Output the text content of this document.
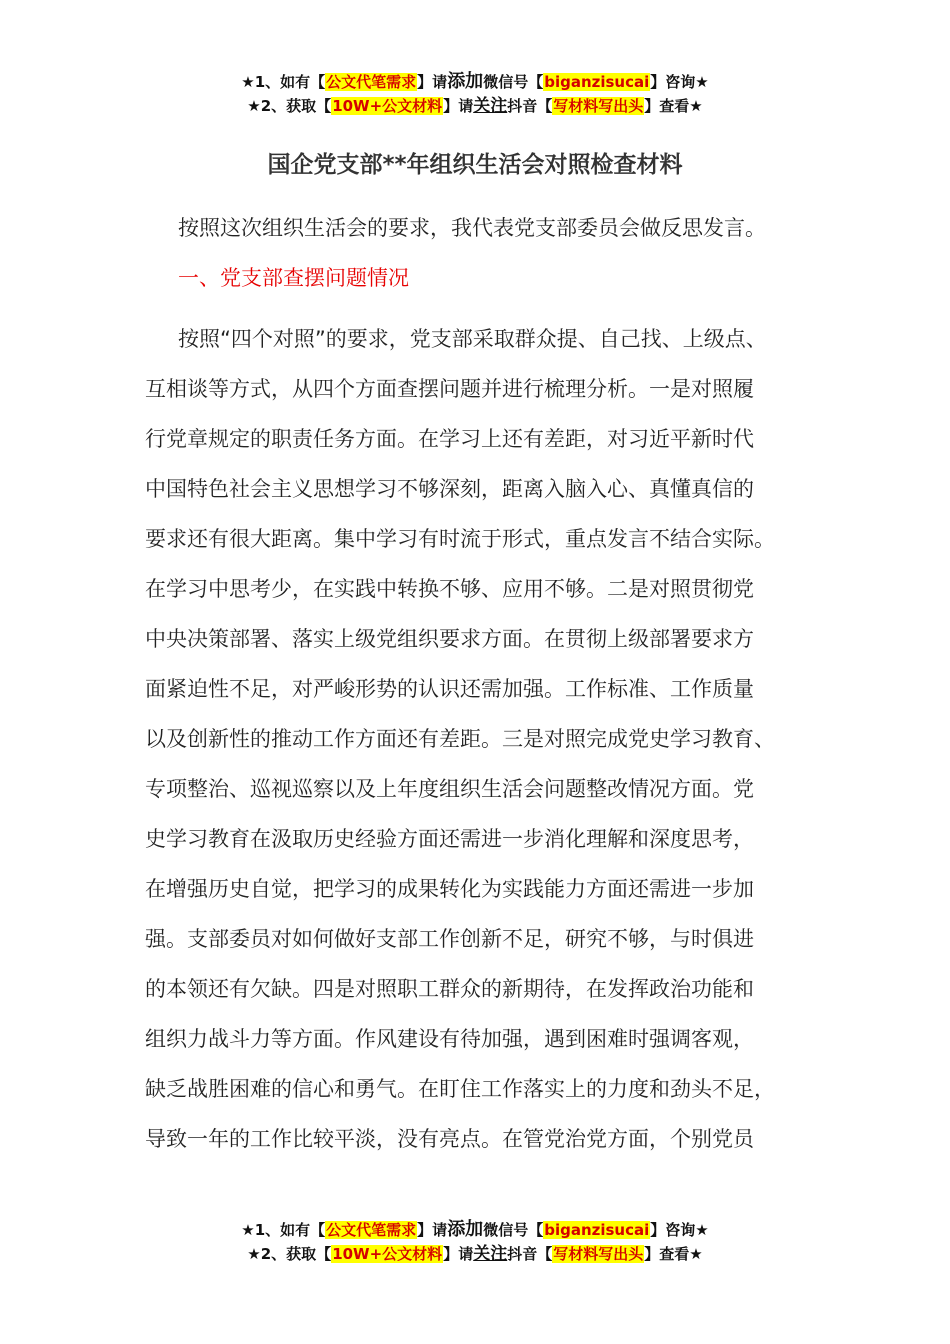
★1、如有【公文代笔需求】请添加微信号【biganzisucai】咨询★
★2、获取【10W+公文材料】请关注抖音【写材料写出头】查看★
国企党支部**年组织生活会对照检查材料
按照这次组织生活会的要求，我代表党支部委员会做反思发言。
一、党支部查摆问题情况
按照“四个对照”的要求，党支部采取群众提、自己找、上级点、
互相谈等方式，从四个方面查摆问题并进行梳理分析。一是对照履
行党章规定的职责任务方面。在学习上还有差距，对习近平新时代
中国特色社会主义思想学习不够深刻，距离入脑入心、真懂真信的
要求还有很大距离。集中学习有时流于形式，重点发言不结合实际。
在学习中思考少，在实践中转换不够、应用不够。二是对照贯彻党
中央决策部署、落实上级党组织要求方面。在贯彻上级部署要求方
面紧迫性不足，对严峻形势的认识还需加强。工作标准、工作质量
以及创新性的推动工作方面还有差距。三是对照完成党史学习教育、
专项整治、巡视巡察以及上年度组织生活会问题整改情况方面。党
史学习教育在汲取历史经验方面还需进一步消化理解和深度思考，
在增强历史自觉，把学习的成果转化为实践能力方面还需进一步加
强。支部委员对如何做好支部工作创新不足，研究不够，与时俱进
的本领还有欠缺。四是对照职工群众的新期待，在发挥政治功能和
组织力战斗力等方面。作风建设有待加强，遇到困难时强调客观，
缺乏战胜困难的信心和勇气。在盯住工作落实上的力度和劲头不足，
导致一年的工作比较平淡，没有亮点。在管党治党方面，个别党员
★1、如有【公文代笔需求】请添加微信号【biganzisucai】咨询★
★2、获取【10W+公文材料】请关注抖音【写材料写出头】查看★
